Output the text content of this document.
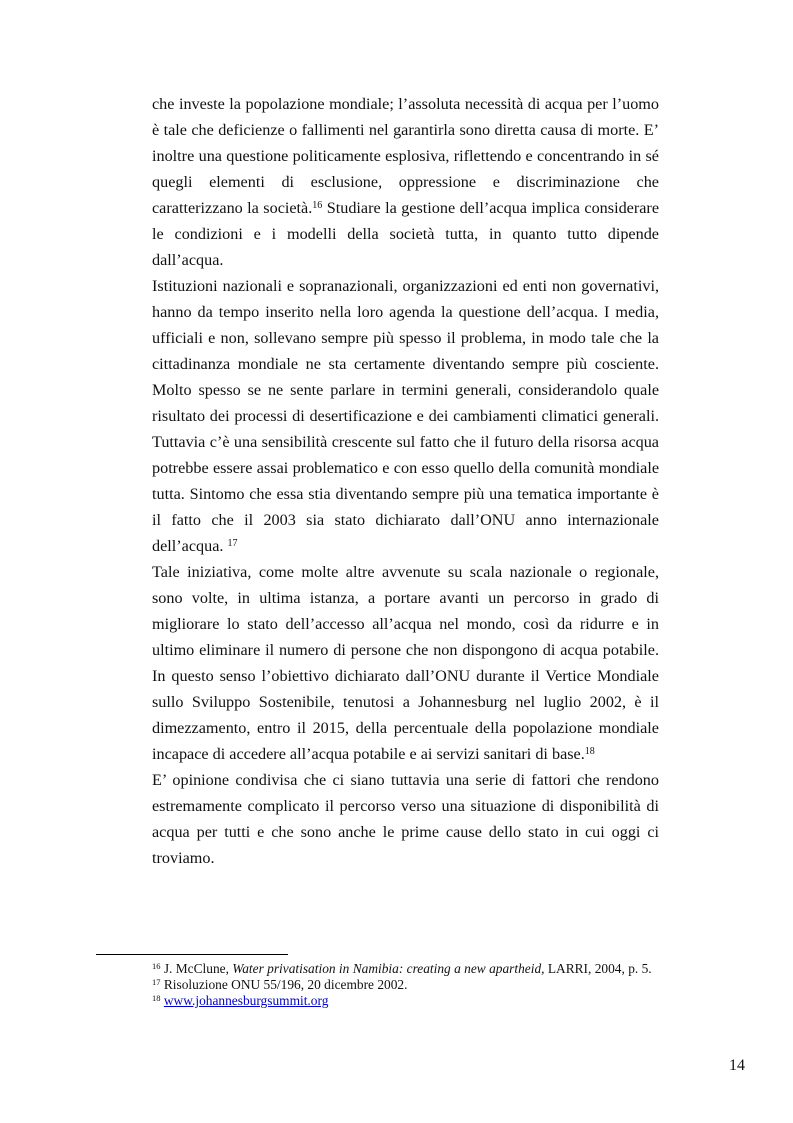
che investe la popolazione mondiale; l’assoluta necessità di acqua per l’uomo è tale che deficienze o fallimenti nel garantirla sono diretta causa di morte. E’ inoltre una questione politicamente esplosiva, riflettendo e concentrando in sé quegli elementi di esclusione, oppressione e discriminazione che caratterizzano la società.$^{16}$ Studiare la gestione dell’acqua implica considerare le condizioni e i modelli della società tutta, in quanto tutto dipende dall’acqua.

Istituzioni nazionali e sopranazionali, organizzazioni ed enti non governativi, hanno da tempo inserito nella loro agenda la questione dell’acqua. I media, ufficiali e non, sollevano sempre più spesso il problema, in modo tale che la cittadinanza mondiale ne sta certamente diventando sempre più cosciente. Molto spesso se ne sente parlare in termini generali, considerandolo quale risultato dei processi di desertificazione e dei cambiamenti climatici generali. Tuttavia c’è una sensibilità crescente sul fatto che il futuro della risorsa acqua potrebbe essere assai problematico e con esso quello della comunità mondiale tutta. Sintomo che essa stia diventando sempre più una tematica importante è il fatto che il 2003 sia stato dichiarato dall’ONU anno internazionale dell’acqua. $^{17}$

Tale iniziativa, come molte altre avvenute su scala nazionale o regionale, sono volte, in ultima istanza, a portare avanti un percorso in grado di migliorare lo stato dell’accesso all’acqua nel mondo, così da ridurre e in ultimo eliminare il numero di persone che non dispongono di acqua potabile. In questo senso l’obiettivo dichiarato dall’ONU durante il Vertice Mondiale sullo Sviluppo Sostenibile, tenutosi a Johannesburg nel luglio 2002, è il dimezzamento, entro il 2015, della percentuale della popolazione mondiale incapace di accedere all’acqua potabile e ai servizi sanitari di base.$^{18}$

E’ opinione condivisa che ci siano tuttavia una serie di fattori che rendono estremamente complicato il percorso verso una situazione di disponibilità di acqua per tutti e che sono anche le prime cause dello stato in cui oggi ci troviamo.

$^{16}$ J. McClune, Water privatisation in Namibia: creating a new apartheid, LARRI, 2004, p. 5.

$^{17}$ Risoluzione ONU 55/196, 20 dicembre 2002.

$^{18}$ www.johannesburgsummit.org

14
